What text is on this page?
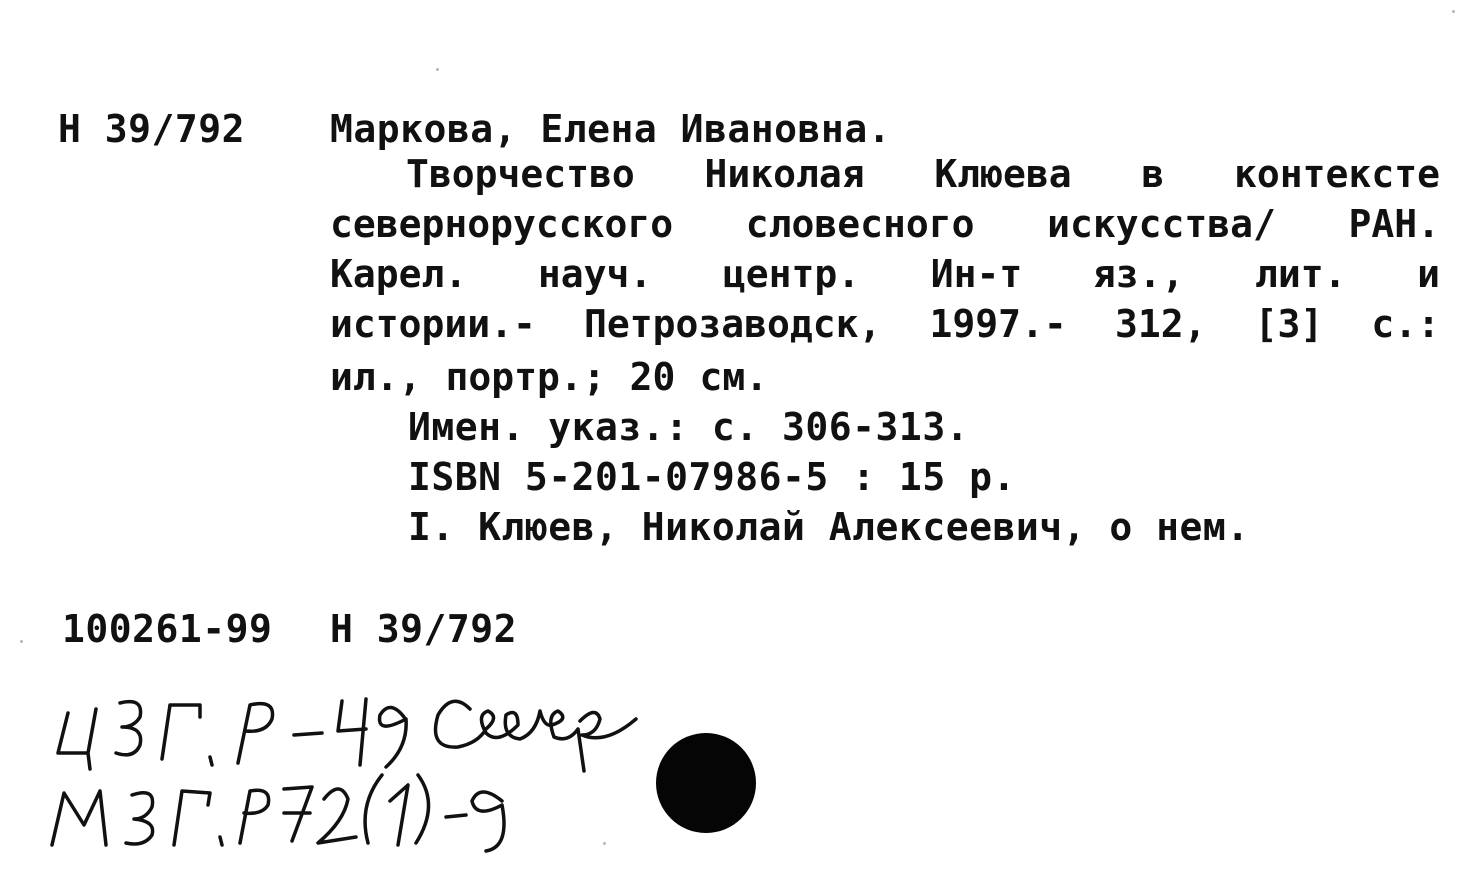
Н 39/792 Маркова, Елена Ивановна.
Творчество Николая Клюева в контексте
севернорусского словесного искусства/ РАН.
Карел. науч. центр. Ин-т яз., лит. и
истории.- Петрозаводск, 1997.- 312, [3] с.:
ил., портр.; 20 см.
Имен. указ.: с. 306-313.
ISBN 5-201-07986-5 : 15 р.
I. Клюев, Николай Алексеевич, о нем.
100261-99 Н 39/792
